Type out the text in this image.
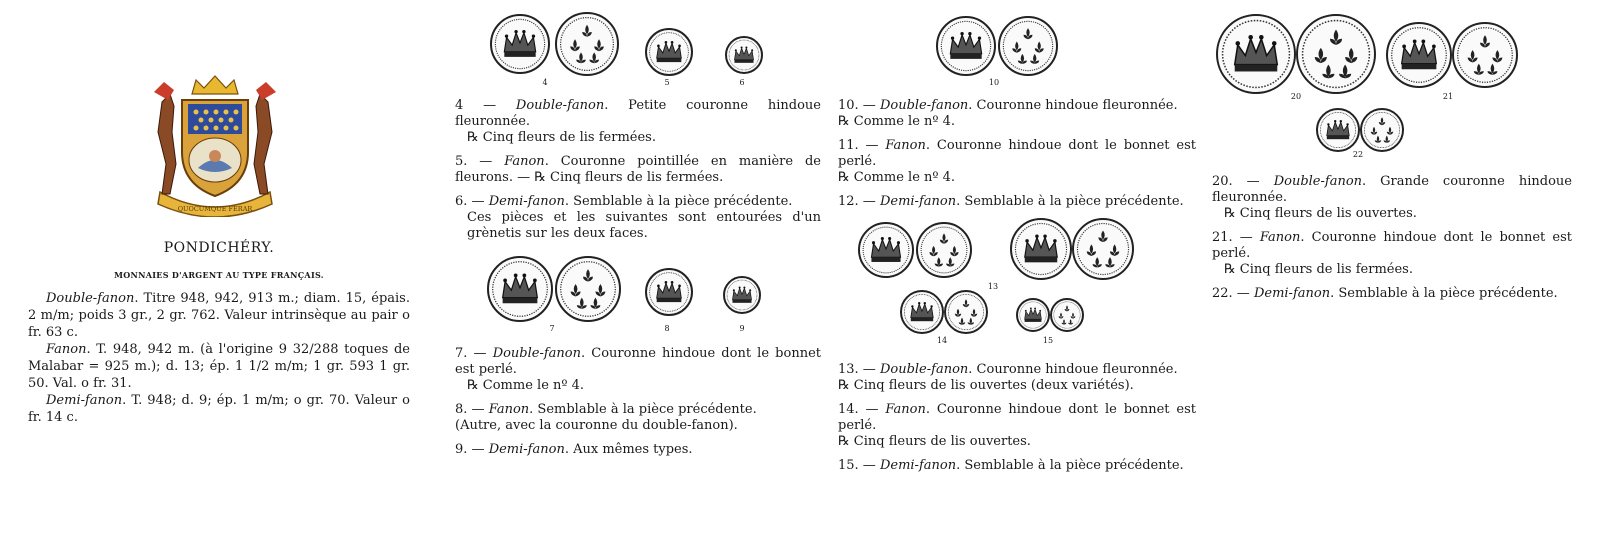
QUOCUMQUE FERAR
PONDICHÉRY.
MONNAIES D'ARGENT AU TYPE FRANÇAIS.

Double-fanon. Titre 948, 942, 913 m.; diam. 15, épais. 2 m/m; poids 3 gr., 2 gr. 762. Valeur intrinsèque au pair o fr. 63 c.

Fanon. T. 948, 942 m. (à l'origine 9 32/288 toques de Malabar = 925 m.); d. 13; ép. 1 1/2 m/m; 1 gr. 593 1 gr. 50. Val. o fr. 31.

Demi-fanon. T. 948; d. 9; ép. 1 m/m; o gr. 70. Valeur o fr. 14 c.

4	5	6

4 — Double-fanon. Petite couronne hindoue fleuronnée.

℞ Cinq fleurs de lis fermées.

5. — Fanon. Couronne pointillée en manière de fleurons. — ℞ Cinq fleurs de lis fermées.

6. — Demi-fanon. Semblable à la pièce précédente.

Ces pièces et les suivantes sont entourées d'un grènetis sur les deux faces.

7	8	9

7. — Double-fanon. Couronne hindoue dont le bonnet est perlé.

℞ Comme le nº 4.

8. — Fanon. Semblable à la pièce précédente.

(Autre, avec la couronne du double-fanon).

9. — Demi-fanon. Aux mêmes types.

10

10. — Double-fanon. Couronne hindoue fleuronnée.

℞ Comme le nº 4.

11. — Fanon. Couronne hindoue dont le bonnet est perlé.

℞ Comme le nº 4.

12. — Demi-fanon. Semblable à la pièce précédente.

13
14	15

13. — Double-fanon. Couronne hindoue fleuronnée.

℞ Cinq fleurs de lis ouvertes (deux variétés).

14. — Fanon. Couronne hindoue dont le bonnet est perlé.

℞ Cinq fleurs de lis ouvertes.

15. — Demi-fanon. Semblable à la pièce précédente.

20	21
22

20. — Double-fanon. Grande couronne hindoue fleuronnée.

℞ Cinq fleurs de lis ouvertes.

21. — Fanon. Couronne hindoue dont le bonnet est perlé.

℞ Cinq fleurs de lis fermées.

22. — Demi-fanon. Semblable à la pièce précédente.
